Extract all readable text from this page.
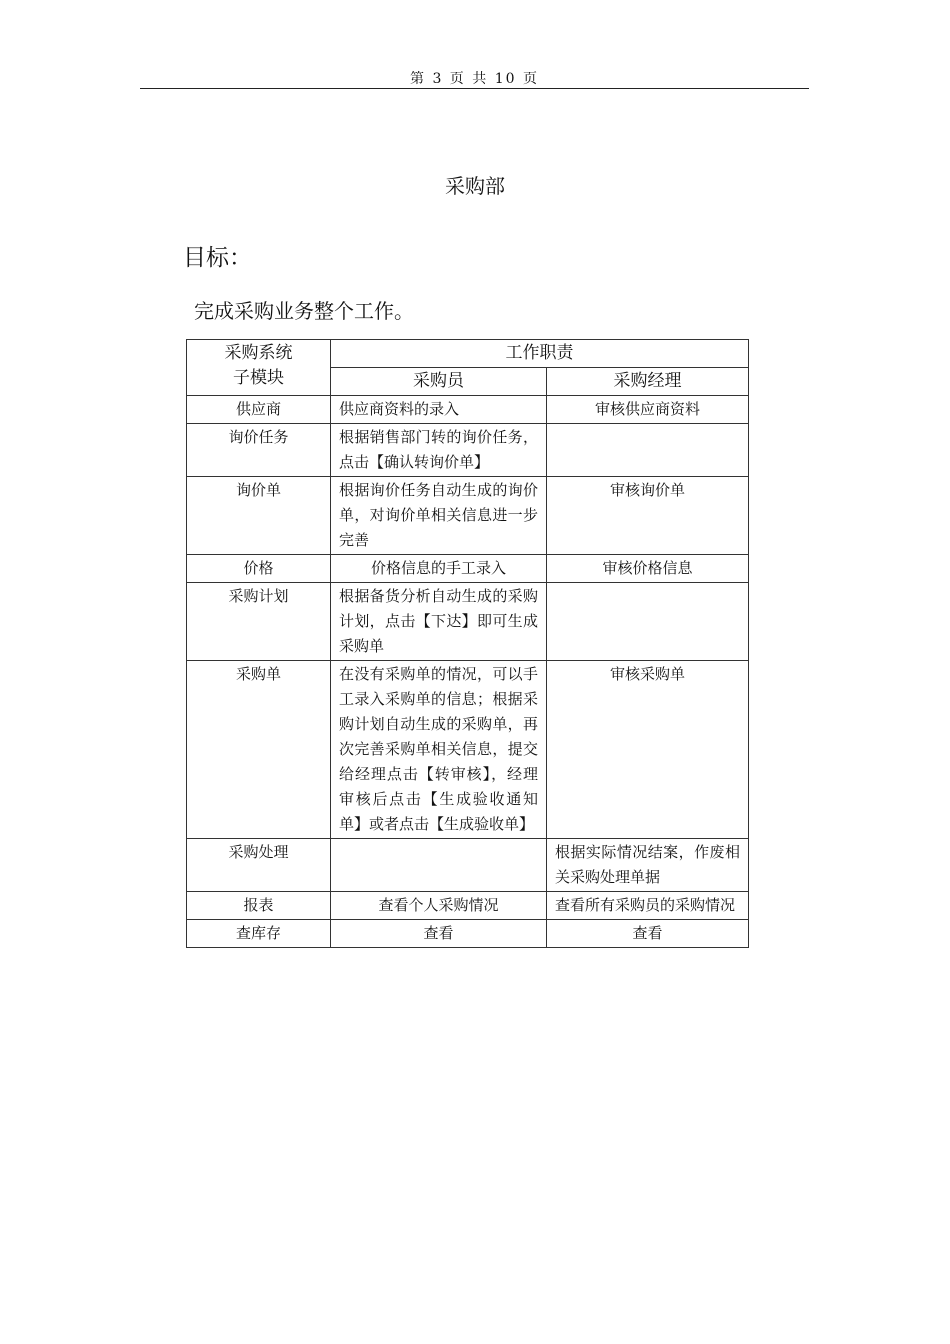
第 3 页 共 10 页
采购部
目标：
完成采购业务整个工作。
采购系统
子模块	工作职责	
	采购员	采购经理
供应商	供应商资料的录入	审核供应商资料
询价任务	根据销售部门转的询价任务，点击【确认转询价单】	
询价单	根据询价任务自动生成的询价单，对询价单相关信息进一步完善	审核询价单
价格	价格信息的手工录入	审核价格信息
采购计划	根据备货分析自动生成的采购计划，点击【下达】即可生成采购单	
采购单	在没有采购单的情况，可以手工录入采购单的信息；根据采购计划自动生成的采购单，再次完善采购单相关信息，提交给经理点击【转审核】，经理审核后点击【生成验收通知单】或者点击【生成验收单】	审核采购单
采购处理		根据实际情况结案，作废相关采购处理单据
报表	查看个人采购情况	查看所有采购员的采购情况
查库存	查看	查看
